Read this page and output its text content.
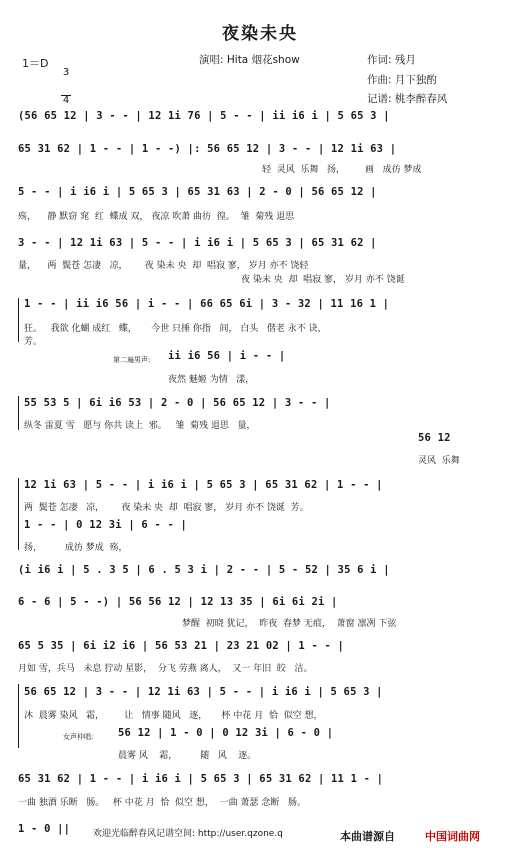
夜染未央
1＝D

$\frac{3}{4}$	演唱: Hita 烟花show	作词: 残月
作曲: 月下独酌
记谱: 桃李醉春风
(56 65 12 | 3 - - | 12 1i 76 | 5 - - | ii i6 i | 5 65 3 |
65 31 62 | 1 - - | 1 - -) |: 56 65 12 | 3 - - | 12 1i 63 |
轻  灵风  乐舞   扬，       画   成彷 梦成
5 - - | i i6 i | 5 65 3 | 65 31 63 | 2 - 0 | 56 65 12 |
殇，    静 默窃 窕  红  蝶成 双， 夜凉 吹萧 曲彷  徨。  雏  菊残 退思
3 - - | 12 1i 63 | 5 - - | i i6 i | 5 65 3 | 65 31 62 |
量，    两  鬓苍 怎凄   凉，      夜 染未 央  却  唱寂 寥， 岁月 亦不 饶轻
夜 染未 央  却  唱寂 寥， 岁月 亦不 饶诞
1 - - | ii i6 56 | i - - | 66 65 6i | 3 - 32 | 11 16 1 |
狂。   我欲 化蝴 成红   蝶，     今世 只捶 你指   间， 白头   偕老 永不 诀，
芳。
第二遍男声: ii i6 56 | i - - |
夜然 魅姬 为情   漾，
55 53 5 | 6i i6 53 | 2 - 0 | 56 65 12 | 3 - - |
纵冬 雷夏 雪   愿与 你共 读上  邪。   雏  菊残 退思   量，
56 12
灵风  乐舞
12 1i 63 | 5 - - | i i6 i | 5 65 3 | 65 31 62 | 1 - - |
两  鬓苍 怎凄   凉，      夜 染未 央  却  唱寂 寥， 岁月 亦不 饶诞  芳。
1 - - | 0 12 3i | 6 - - |
扬，        成彷 梦成  殇，
(i i6 i | 5 . 3 5 | 6 . 5 3 i | 2 - - | 5 - 52 | 35 6 i |
6 - 6 | 5 - -) | 56 56 12 | 12 13 35 | 6i 6i 2i |
梦醒  初晓 犹记，  昨夜  春梦 无痕，  萧窗 凛冽 下弦
65 5 35 | 6i i2 i6 | 56 53 21 | 23 21 02 | 1 - - |
月如 雪，兵马   未息 狞动 星影，  分飞 劳燕 离人，  又一 年旧  皎   洁。
56 65 12 | 3 - - | 12 1i 63 | 5 - - | i i6 i | 5 65 3 |
沐  晨雾 染风   霜，       让   情事 随风   逐，     杯 中花 月  恰  似空 想，
女声仲唱: 56 12 | 1 - 0 | 0 12 3i | 6 - 0 |
晨雾 风    霜，        随   风    逐。
65 31 62 | 1 - - | i i6 i | 5 65 3 | 65 31 62 | 11 1 - |
一曲 独酒 乐断   肠。   杯 中花 月  恰  似空 想，  一曲 萧瑟 念断   肠。
1 - 0 ||	欢迎光临醉春风记谱空间: http://user.qzone.q	本曲谱源自	中国词曲网
